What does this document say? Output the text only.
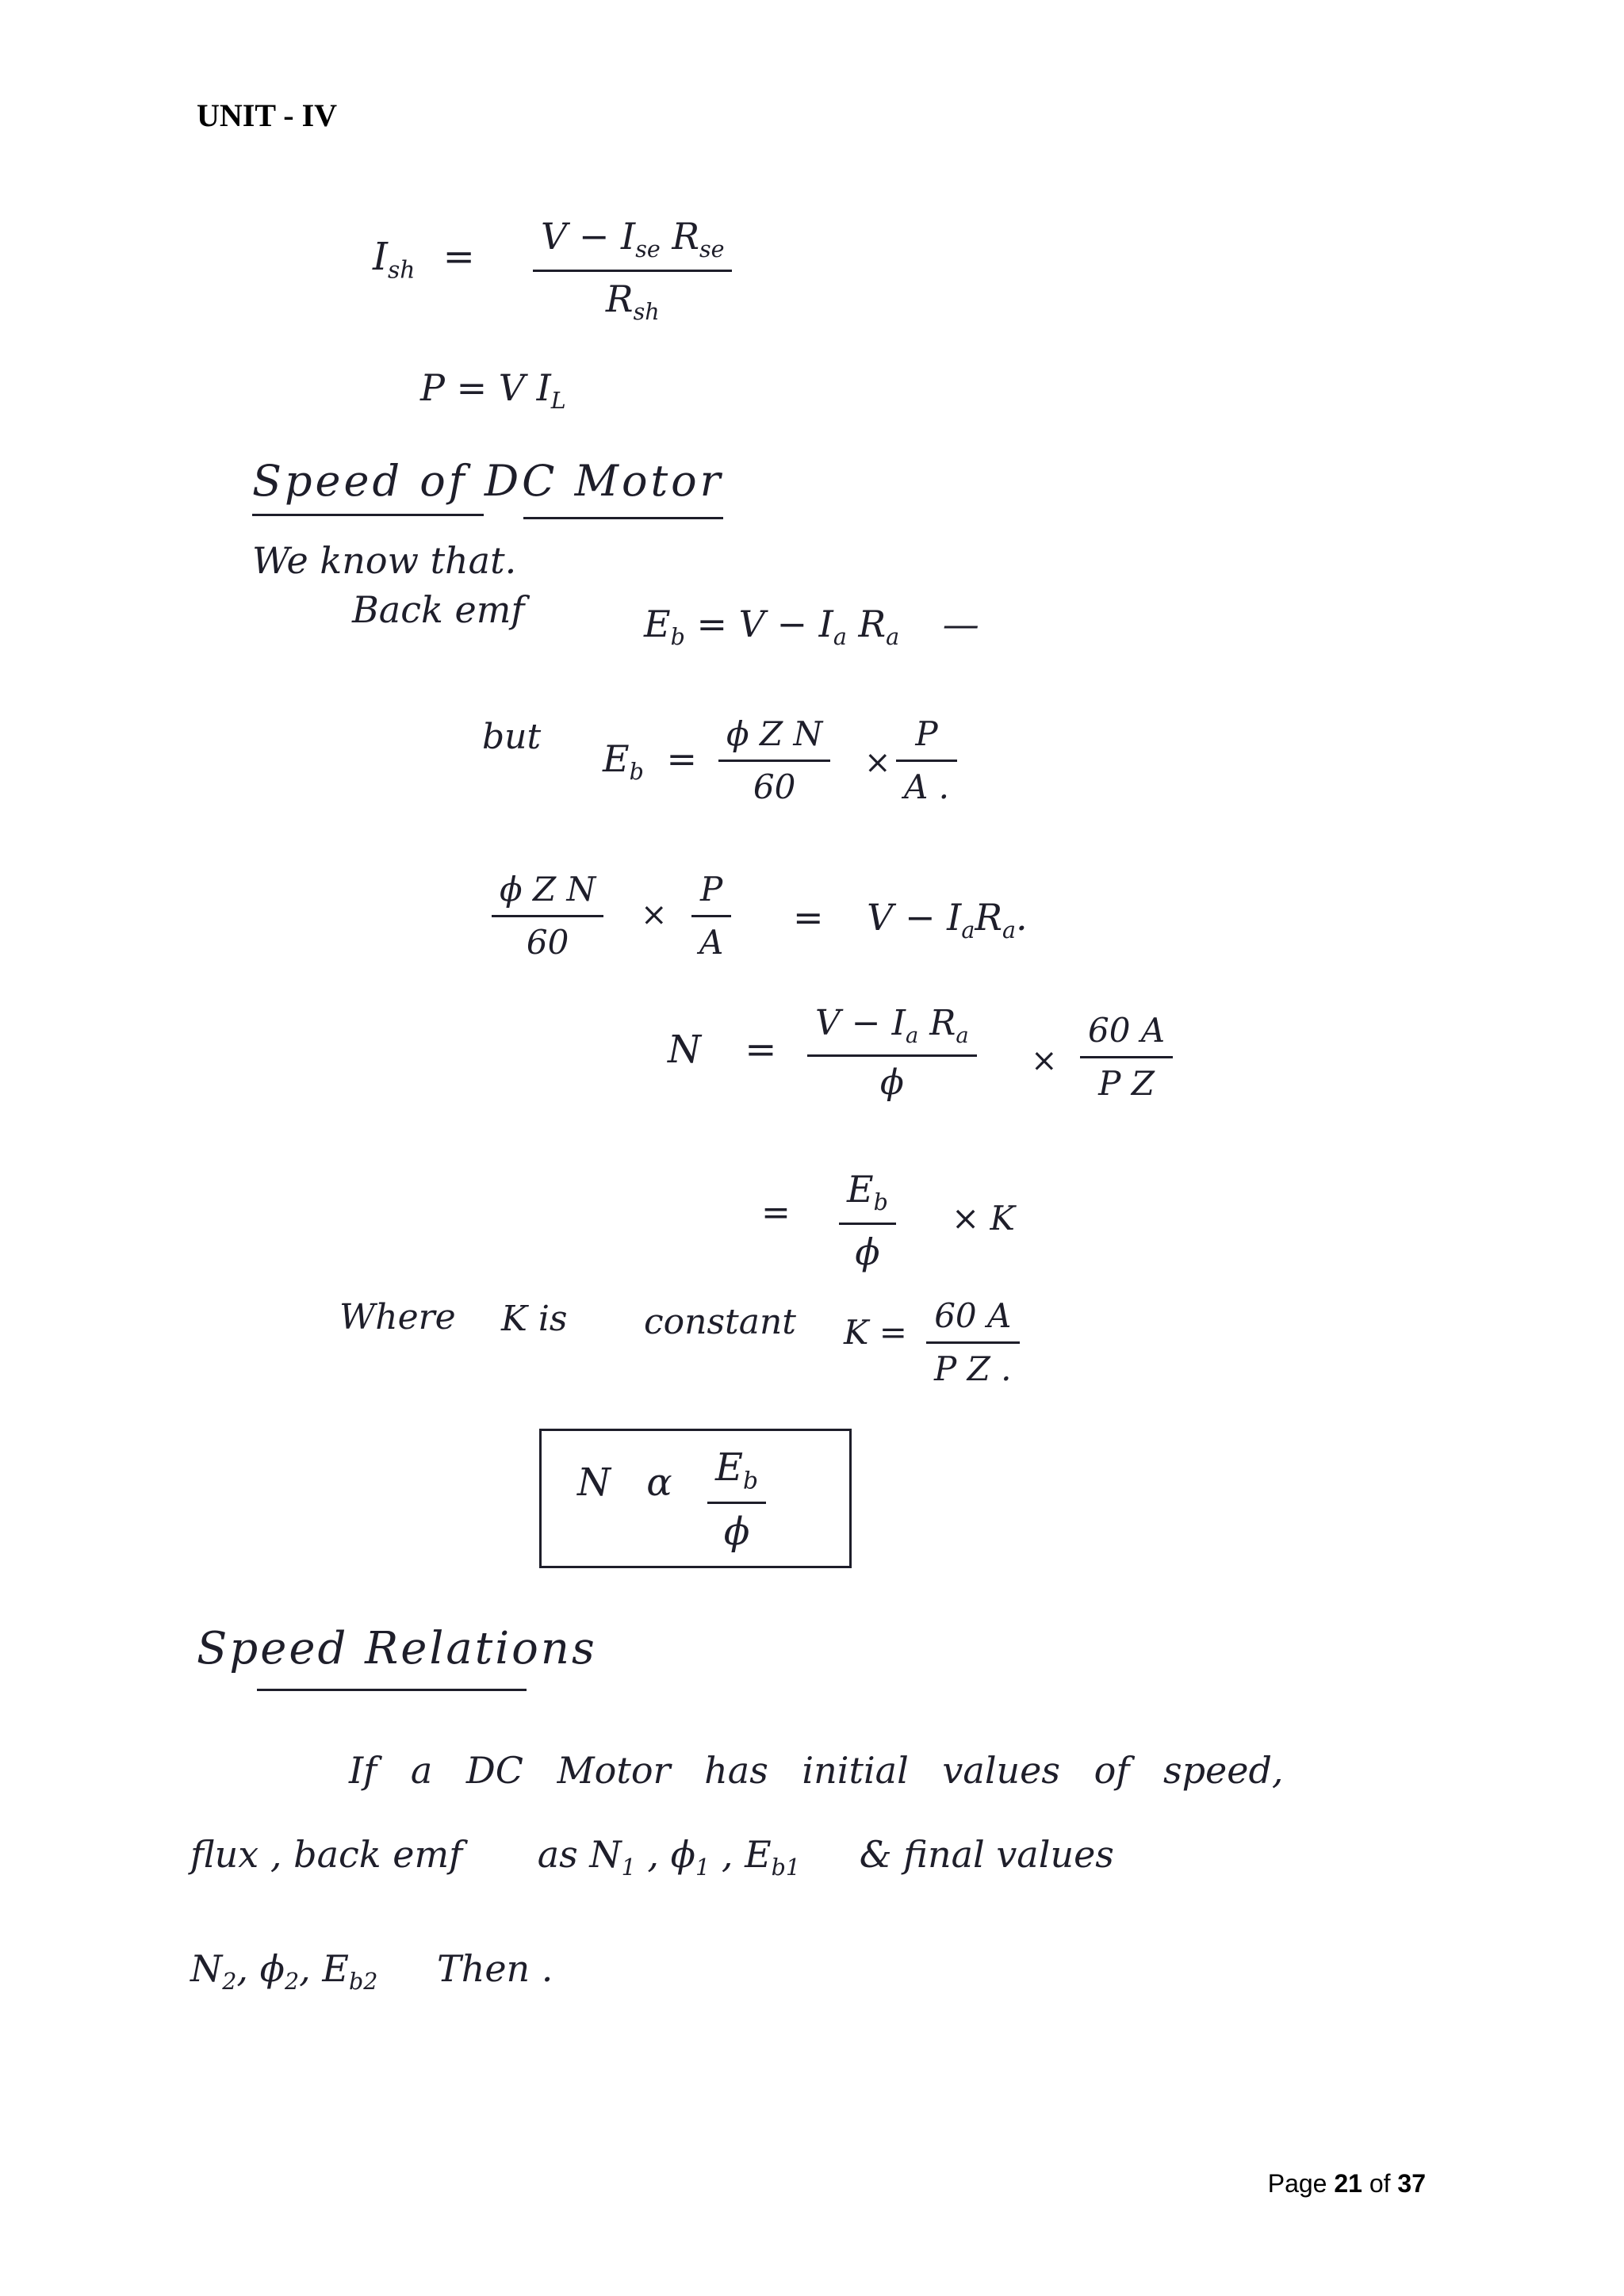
UNIT - IV
$I_{sh} = V - I_{se}$ $R_{se}$
$R_{sh}$
P = V $I_L$
Speed of DC Motor
We know that.
Back emf	$E_b = V - I_a$ $R_a$ —
but
$E_b$ =
ϕ Z N
60
×
P
A .
ϕ Z N
60
×
P
A
= $V - I_aR_a$.
N =
$V - I_a$ $R_a$
ϕ
×
60 A
P Z
=
$E_b$
ϕ
× K
Where K is constant K = 60 A
P Z .
N α $E_b$
ϕ
Speed Relations
If a DC Motor has initial values of speed,
flux , back emf as $N_1$ , $\phi_1$ , $E_{b1}$ & final values
$N_2$, $\phi_2$, $E_{b2}$ Then .
Page 21 of 37
